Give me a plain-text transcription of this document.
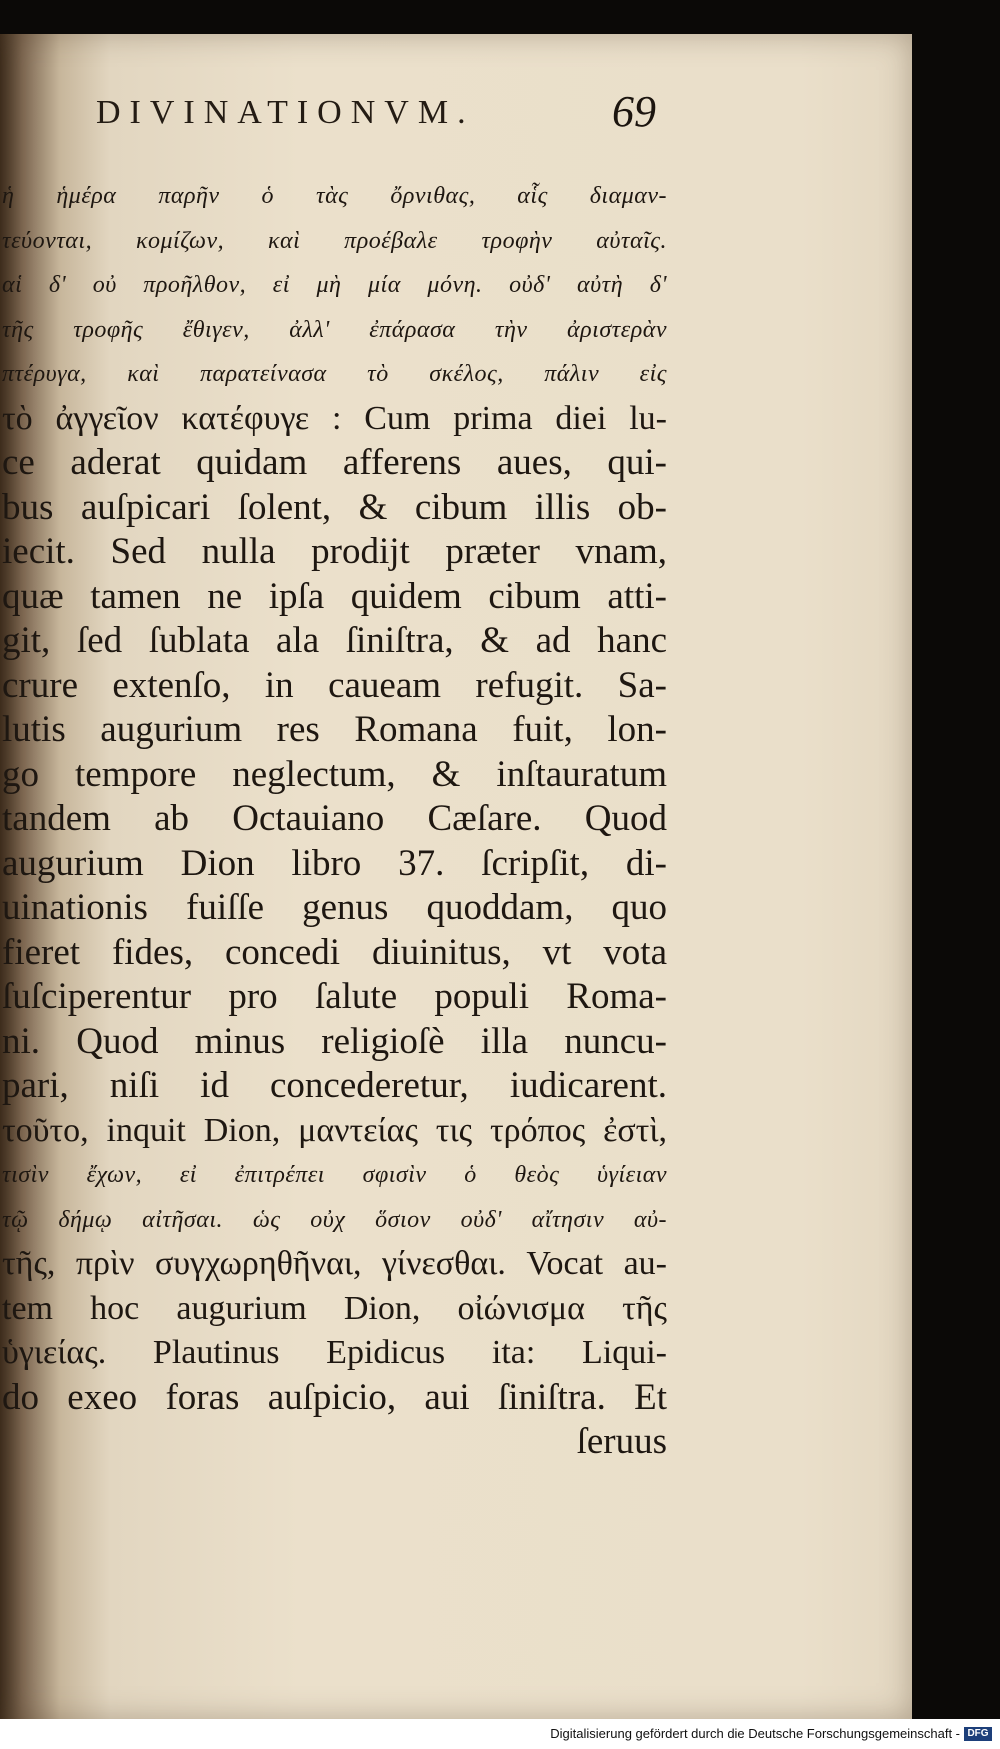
DIVINATIONVM.	69
ἡ ἡμέρα παρῆν ὁ τὰς ὄρνιθας, αἷς διαμαν-
τεύονται, κομίζων, καὶ προέβαλε τροφὴν αὐταῖς.
αἱ δ' οὐ προῆλθον, εἰ μὴ μία μόνη. οὐδ' αὐτὴ δ'
τῆς τροφῆς ἔθιγεν, ἀλλ' ἐπάρασα τὴν ἀριστερὰν
πτέρυγα, καὶ παρατείνασα τὸ σκέλος, πάλιν εἰς
τὸ ἀγγεῖον κατέφυγε : Cum prima diei lu-
ce aderat quidam afferens aues, qui-
bus auſpicari ſolent, & cibum illis ob-
iecit. Sed nulla prodijt præter vnam,
quæ tamen ne ipſa quidem cibum atti-
git, ſed ſublata ala ſiniſtra, & ad hanc
crure extenſo, in caueam refugit. Sa-
lutis augurium res Romana fuit, lon-
go tempore neglectum, & inſtauratum
tandem ab Octauiano Cæſare. Quod
augurium Dion libro 37. ſcripſit, di-
uinationis fuiſſe genus quoddam, quo
fieret fides, concedi diuinitus, vt vota
ſuſciperentur pro ſalute populi Roma-
ni. Quod minus religioſè illa nuncu-
pari, niſi id concederetur, iudicarent.
τοῦτο, inquit Dion, μαντείας τις τρόπος ἐστὶ,
τισὶν ἔχων, εἰ ἐπιτρέπει σφισὶν ὁ θεὸς ὑγίειαν
τῷ δήμῳ αἰτῆσαι. ὡς οὐχ ὅσιον οὐδ' αἴτησιν αὐ-
τῆς, πρὶν συγχωρηθῆναι, γίνεσθαι. Vocat au-
tem hoc augurium Dion, οἰώνισμα τῆς
ὑγιείας. Plautinus Epidicus ita: Liqui-
do exeo foras auſpicio, aui ſiniſtra. Et
ſeruus
Digitalisierung gefördert durch die Deutsche Forschungsgemeinschaft - DFG
